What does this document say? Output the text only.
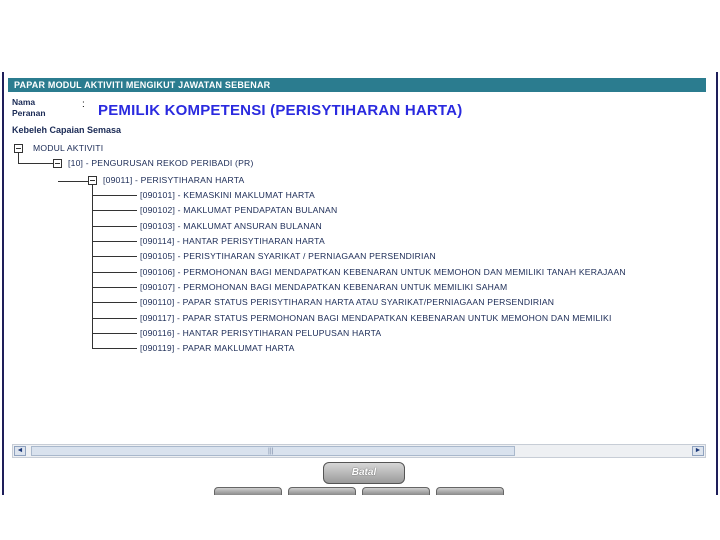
PAPAR MODUL AKTIVITI MENGIKUT JAWATAN SEBENAR
Nama
Peranan
: PEMILIK KOMPETENSI (PERISYTIHARAN HARTA)
Kebeleh Capaian Semasa
MODUL AKTIVITI
[10] - PENGURUSAN REKOD PERIBADI (PR)
[09011] - PERISYTIHARAN HARTA
[090101] - KEMASKINI MAKLUMAT HARTA
[090102] - MAKLUMAT PENDAPATAN BULANAN
[090103] - MAKLUMAT ANSURAN BULANAN
[090114] - HANTAR PERISYTIHARAN HARTA
[090105] - PERISYTIHARAN SYARIKAT / PERNIAGAAN PERSENDIRIAN
[090106] - PERMOHONAN BAGI MENDAPATKAN KEBENARAN UNTUK MEMOHON DAN MEMILIKI TANAH KERAJAAN
[090107] - PERMOHONAN BAGI MENDAPATKAN KEBENARAN UNTUK MEMILIKI SAHAM
[090110] - PAPAR STATUS PERISYTIHARAN HARTA ATAU SYARIKAT/PERNIAGAAN PERSENDIRIAN
[090117] - PAPAR STATUS PERMOHONAN BAGI MENDAPATKAN KEBENARAN UNTUK MEMOHON DAN MEMILIKI
[090116] - HANTAR PERISYTIHARAN PELUPUSAN HARTA
[090119] - PAPAR MAKLUMAT HARTA
◄	|||	►
Batal
